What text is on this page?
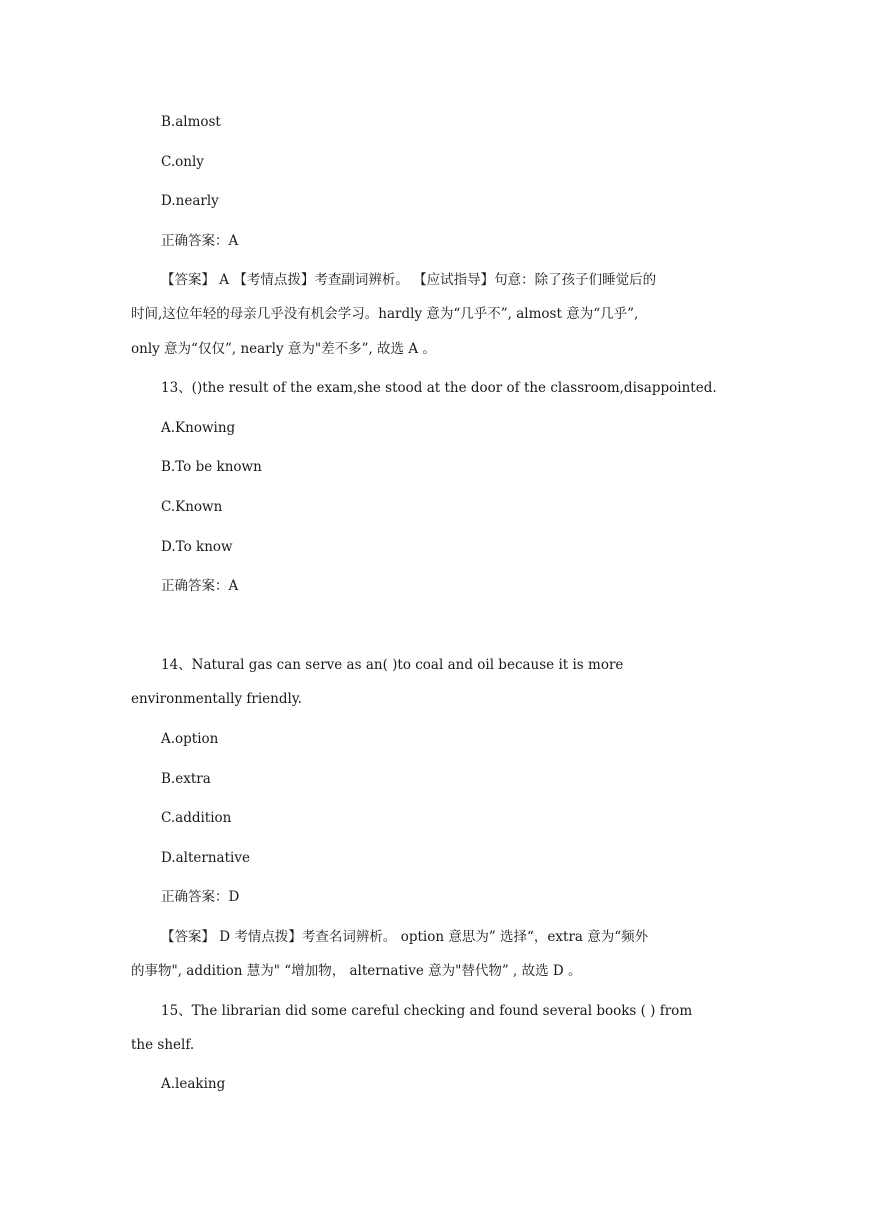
B.almost
C.only
D.nearly
正确答案：A
【答案】 A 【考情点拨】考查副词辨析。 【应试指导】句意：除了孩子们睡觉后的
时间,这位年轻的母亲几乎没有机会学习。hardly 意为“几乎不”, almost 意为“几乎”,
only 意为“仅仅”, nearly 意为"差不多”, 故选 A 。
13、()the result of the exam,she stood at the door of the classroom,disappointed.
A.Knowing
B.To be known
C.Known
D.To know
正确答案：A
14、Natural gas can serve as an( )to coal and oil because it is more
environmentally friendly.
A.option
B.extra
C.addition
D.alternative
正确答案：D
【答案】 D 考情点拨】考查名词辨析。 option 意思为” 选择“，extra 意为“频外
的事物", addition 慧为" “增加物， alternative 意为"替代物” , 故选 D 。
15、The librarian did some careful checking and found several books ( ) from
the shelf.
A.leaking
